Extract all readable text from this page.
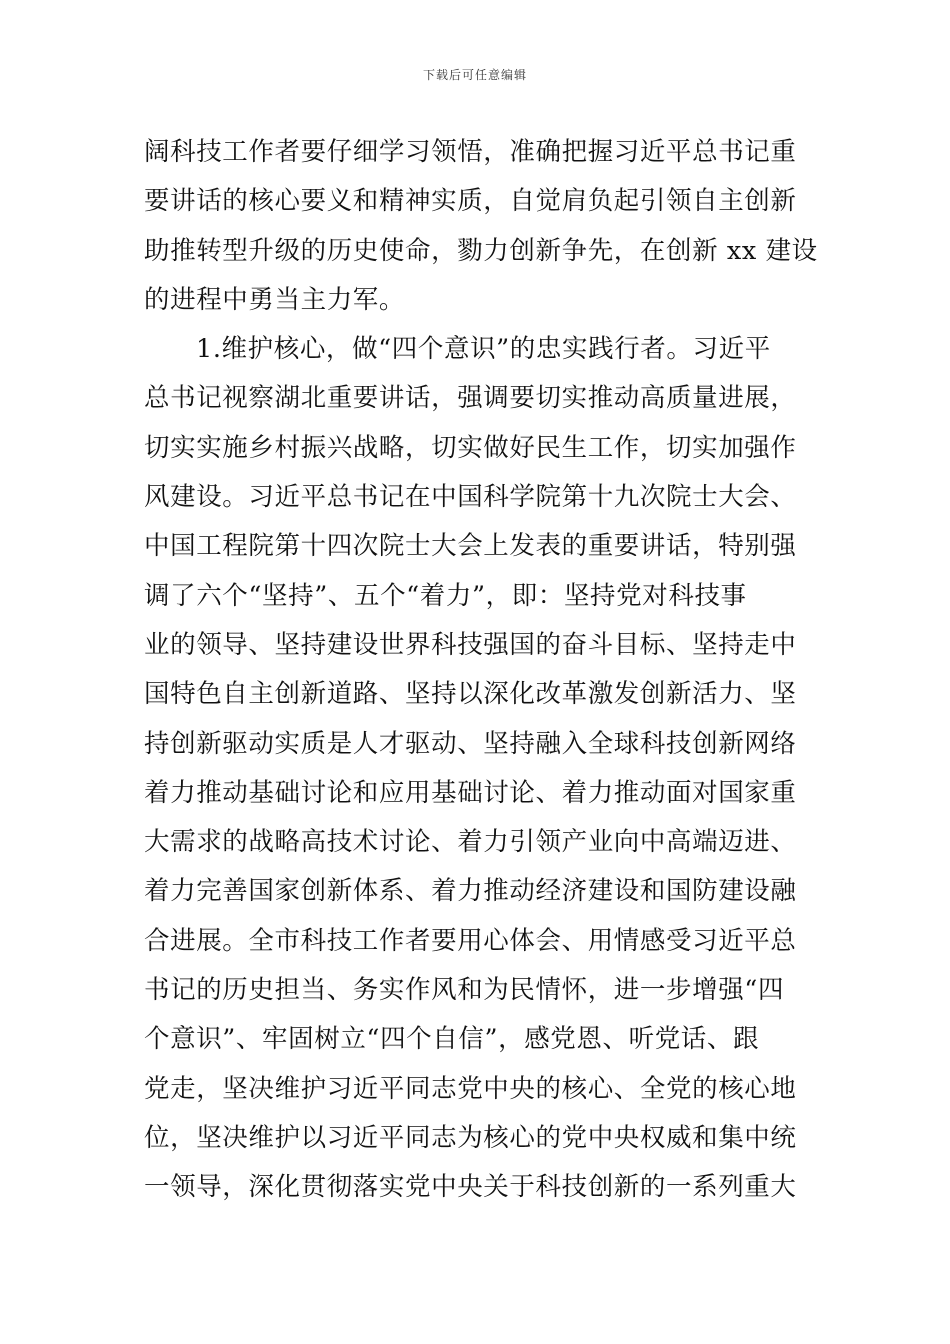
下载后可任意编辑
阔科技工作者要仔细学习领悟，准确把握习近平总书记重
要讲话的核心要义和精神实质，自觉肩负起引领自主创新
助推转型升级的历史使命，勠力创新争先，在创新 xx 建设
的进程中勇当主力军。
1.维护核心，做“四个意识”的忠实践行者。习近平
总书记视察湖北重要讲话，强调要切实推动高质量进展，
切实实施乡村振兴战略，切实做好民生工作，切实加强作
风建设。习近平总书记在中国科学院第十九次院士大会、
中国工程院第十四次院士大会上发表的重要讲话，特别强
调了六个“坚持”、五个“着力”，即：坚持党对科技事
业的领导、坚持建设世界科技强国的奋斗目标、坚持走中
国特色自主创新道路、坚持以深化改革激发创新活力、坚
持创新驱动实质是人才驱动、坚持融入全球科技创新网络
着力推动基础讨论和应用基础讨论、着力推动面对国家重
大需求的战略高技术讨论、着力引领产业向中高端迈进、
着力完善国家创新体系、着力推动经济建设和国防建设融
合进展。全市科技工作者要用心体会、用情感受习近平总
书记的历史担当、务实作风和为民情怀，进一步增强“四
个意识”、牢固树立“四个自信”，感党恩、听党话、跟
党走，坚决维护习近平同志党中央的核心、全党的核心地
位，坚决维护以习近平同志为核心的党中央权威和集中统
一领导，深化贯彻落实党中央关于科技创新的一系列重大
